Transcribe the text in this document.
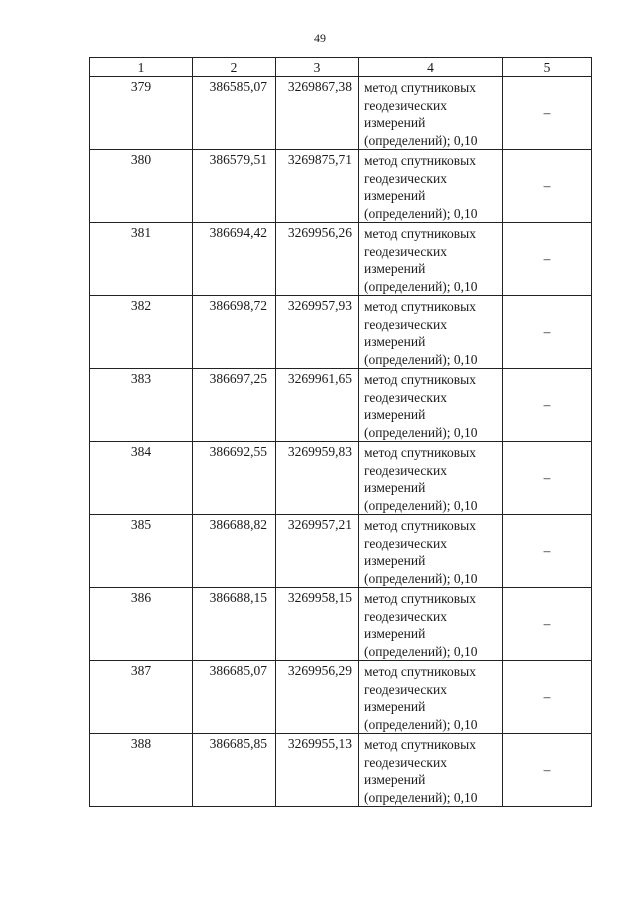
49
1	2	3	4	5
379	386585,07	3269867,38	метод спутниковых
геодезических
измерений
(определений); 0,10	–
380	386579,51	3269875,71	метод спутниковых
геодезических
измерений
(определений); 0,10	–
381	386694,42	3269956,26	метод спутниковых
геодезических
измерений
(определений); 0,10	–
382	386698,72	3269957,93	метод спутниковых
геодезических
измерений
(определений); 0,10	–
383	386697,25	3269961,65	метод спутниковых
геодезических
измерений
(определений); 0,10	–
384	386692,55	3269959,83	метод спутниковых
геодезических
измерений
(определений); 0,10	–
385	386688,82	3269957,21	метод спутниковых
геодезических
измерений
(определений); 0,10	–
386	386688,15	3269958,15	метод спутниковых
геодезических
измерений
(определений); 0,10	–
387	386685,07	3269956,29	метод спутниковых
геодезических
измерений
(определений); 0,10	–
388	386685,85	3269955,13	метод спутниковых
геодезических
измерений
(определений); 0,10	–
